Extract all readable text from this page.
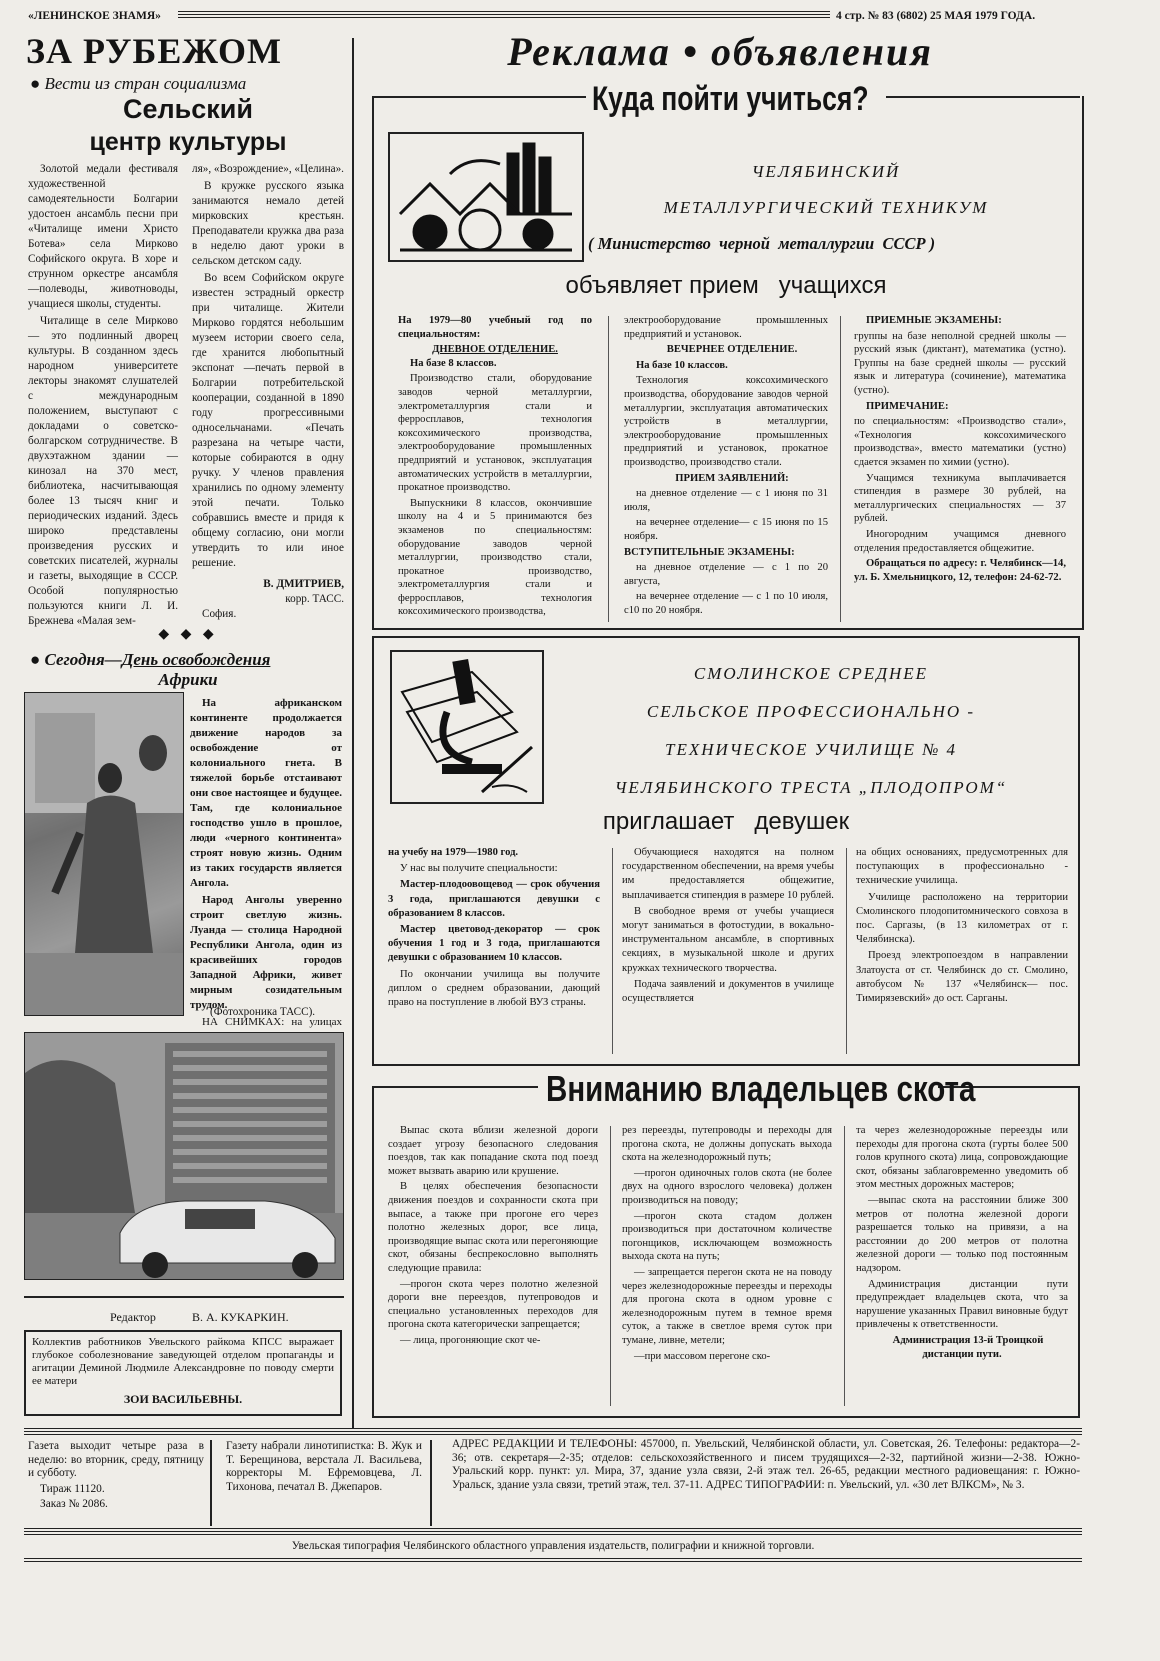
«ЛЕНИНСКОЕ ЗНАМЯ»	4 стр. № 83 (6802) 25 МАЯ 1979 ГОДА.
ЗА РУБЕЖОМ
● Вести из стран социализма
Сельский
центр культуры

Золотой медали фестиваля художественной самодеятельности Болгарии удостоен ансамбль песни при «Читалище имени Христо Ботева» села Мирково Софийского округа. В хоре и струнном оркестре ансамбля —полеводы, животноводы, учащиеся школы, студенты.

Читалище в селе Мирково — это подлинный дворец культуры. В созданном здесь народном университете лекторы знакомят слушателей с международным положением, выступают с докладами о советско-болгарском сотрудничестве. В двухэтажном здании — кинозал на 370 мест, библиотека, насчитывающая более 13 тысяч книг и периодических изданий. Здесь широко представлены произведения русских и советских писателей, журналы и газеты, выходящие в СССР. Особой популярностью пользуются книги Л. И. Брежнева «Малая зем-

ля», «Возрождение», «Целина».

В кружке русского языка занимаются немало детей мирковских крестьян. Преподаватели кружка два раза в неделю дают уроки в сельском детском саду.

Во всем Софийском округе известен эстрадный оркестр при читалище. Жители Мирково гордятся небольшим музеем истории своего села, где хранится любопытный экспонат —печать первой в Болгарии потребительской кооперации, созданной в 1890 году прогрессивными односельчанами. «Печать разрезана на четыре части, которые собираются в одну ручку. У членов правления хранились по одному элементу этой печати. Только собравшись вместе и придя к общему согласию, они могли утвердить то или иное решение.

В. ДМИТРИЕВ,
корр. ТАСС.
София.
◆ ◆ ◆
● Сегодня—День освобождения
Африки

На африканском континенте продолжается движение народов за освобождение от колониального гнета. В тяжелой борьбе отстаивают они свое настоящее и будущее. Там, где колониальное господство ушло в прошлое, люди «черного континента» строят новую жизнь. Одним из таких государств является Ангола.

Народ Анголы уверенно строит светлую жизнь. Луанда — столица Народной Республики Ангола, один из красивейших городов Западной Африки, живет мирным созидательным трудом.

НА СНИМКАХ: на улицах

(Фотохроника ТАСС).
Редактор	В. А. КУКАРКИН.
Коллектив работников Увельского райкома КПСС выражает глубокое соболезнование заведующей отделом пропаганды и агитации Деминой Людмиле Александровне по поводу смерти ее матери
ЗОИ ВАСИЛЬЕВНЫ.
Реклама • объявления
Куда пойти учиться?
ЧЕЛЯБИНСКИЙ
МЕТАЛЛУРГИЧЕСКИЙ ТЕХНИКУМ
( Министерство  черной  металлургии  СССР )
объявляет прием   учащихся

На 1979—80 учебный год по специальностям:

ДНЕВНОЕ ОТДЕЛЕНИЕ.

На базе 8 классов.

Производство стали, оборудование заводов черной металлургии, электрометаллургия стали и ферросплавов, технология коксохимического производства, электрооборудование промышленных предприятий и установок, эксплуатация автоматических устройств в металлургии, прокатное производство.

Выпускники 8 классов, окончившие школу на 4 и 5 принимаются без экзаменов по специальностям: оборудование заводов черной металлургии, производство стали, прокатное производство, электрометаллургия стали и ферросплавов, технология коксохимического производства,

электрооборудование промышленных предприятий и установок.

ВЕЧЕРНЕЕ ОТДЕЛЕНИЕ.

На базе 10 классов.

Технология коксохимического производства, оборудование заводов черной металлургии, эксплуатация автоматических устройств в металлургии, электрооборудование промышленных предприятий и установок, прокатное производство, производство стали.

ПРИЕМ ЗАЯВЛЕНИЙ:

на дневное отделение — с 1 июня по 31 июля,

на вечернее отделение— с 15 июня по 15 ноября.

ВСТУПИТЕЛЬНЫЕ ЭКЗАМЕНЫ:

на дневное отделение — с 1 по 20 августа,

на вечернее отделение — с 1 по 10 июля, с10 по 20 ноября.

ПРИЕМНЫЕ ЭКЗАМЕНЫ:

группы на базе неполной средней школы — русский язык (диктант), математика (устно). Группы на базе средней школы — русский язык и литература (сочинение), математика (устно).

ПРИМЕЧАНИЕ:

по специальностям: «Производство стали», «Технология коксохимического производства», вместо математики (устно) сдается экзамен по химии (устно).

Учащимся техникума выплачивается стипендия в размере 30 рублей, на металлургических специальностях — 37 рублей.

Иногородним учащимся дневного отделения предоставляется общежитие.

Обращаться по адресу: г. Челябинск—14, ул. Б. Хмельницкого, 12, телефон: 24-62-72.

СМОЛИНСКОЕ СРЕДНЕЕ
СЕЛЬСКОЕ ПРОФЕССИОНАЛЬНО -
ТЕХНИЧЕСКОЕ УЧИЛИЩЕ № 4
ЧЕЛЯБИНСКОГО ТРЕСТА „ПЛОДОПРОМ“
приглашает   девушек

на учебу на 1979—1980 год.

У нас вы получите специальности:

Мастер-плодоовощевод — срок обучения 3 года, приглашаются девушки с образованием 8 классов.

Мастер цветовод-декоратор — срок обучения 1 год и 3 года, приглашаются девушки с образованием 10 классов.

По окончании училища вы получите диплом о среднем образовании, дающий право на поступление в любой ВУЗ страны.

Обучающиеся находятся на полном государственном обеспечении, на время учебы им предоставляется общежитие, выплачивается стипендия в размере 10 рублей.

В свободное время от учебы учащиеся могут заниматься в фотостудии, в вокально-инструментальном ансамбле, в спортивных секциях, в музыкальной школе и других кружках технического творчества.

Подача заявлений и документов в училище осуществляется

на общих основаниях, предусмотренных для поступающих в профессионально - технические училища.

Училище расположено на территории Смолинского плодопитомнического совхоза в пос. Саргазы, (в 13 километрах от г. Челябинска).

Проезд электропоездом в направлении Златоуста от ст. Челябинск до ст. Смолино, автобусом № 137 «Челябинск— пос. Тимирязевский» до ост. Сарганы.

Вниманию владельцев скота

Выпас скота вблизи железной дороги создает угрозу безопасного следования поездов, так как попадание скота под поезд может вызвать аварию или крушение.

В целях обеспечения безопасности движения поездов и сохранности скота при выпасе, а также при прогоне его через полотно железных дорог, все лица, производящие выпас скота или перегоняющие скот, обязаны беспрекословно выполнять следующие правила:

—прогон скота через полотно железной дороги вне переездов, путепроводов и специально установленных переходов для прогона скота категорически запрещается;

— лица, прогоняющие скот че-

рез переезды, путепроводы и переходы для прогона скота, не должны допускать выхода скота на железнодорожный путь;

—прогон одиночных голов скота (не более двух на одного взрослого человека) должен производиться на поводу;

—прогон скота стадом должен производиться при достаточном количестве погонщиков, исключающем возможность выхода скота на путь;

— запрещается перегон скота не на поводу через железнодорожные переезды и переходы для прогона скота в одном уровне с железнодорожным путем в темное время суток, а также в светлое время суток при тумане, ливне, метели;

—при массовом перегоне ско-

та через железнодорожные переезды или переходы для прогона скота (гурты более 500 голов крупного скота) лица, сопровождающие скот, обязаны заблаговременно уведомить об этом местных дорожных мастеров;

—выпас скота на расстоянии ближе 300 метров от полотна железной дороги разрешается только на привязи, а на расстоянии до 200 метров от полотна железной дороги — только под постоянным надзором.

Администрация дистанции пути предупреждает владельцев скота, что за нарушение указанных Правил виновные будут привлечены к ответственности.

Администрация 13-й Троицкой дистанции пути.

Газета выходит четыре раза в неделю: во вторник, среду, пятницу и субботу.

Тираж 11120.

Заказ № 2086.

Газету набрали линотипистка: В. Жук и Т. Берещинова, верстала Л. Васильева, корректоры М. Ефремовцева, Л. Тихонова, печатал В. Джепаров.

АДРЕС РЕДАКЦИИ И ТЕЛЕФОНЫ: 457000, п. Увельский, Челябинской области, ул. Советская, 26. Телефоны: редактора—2-36; отв. секретаря—2-35; отделов: сельскохозяйственного и писем трудящихся—2-32, партийной жизни—2-38. Южно-Уральский корр. пункт: ул. Мира, 37, здание узла связи, 2-й этаж тел. 26-65, редакции местного радиовещания: г. Южно-Уральск, здание узла связи, третий этаж, тел. 37-11. АДРЕС ТИПОГРАФИИ: п. Увельский, ул. «30 лет ВЛКСМ», № 3.

Увельская типография Челябинского областного управления издательств, полиграфии и книжной торговли.
